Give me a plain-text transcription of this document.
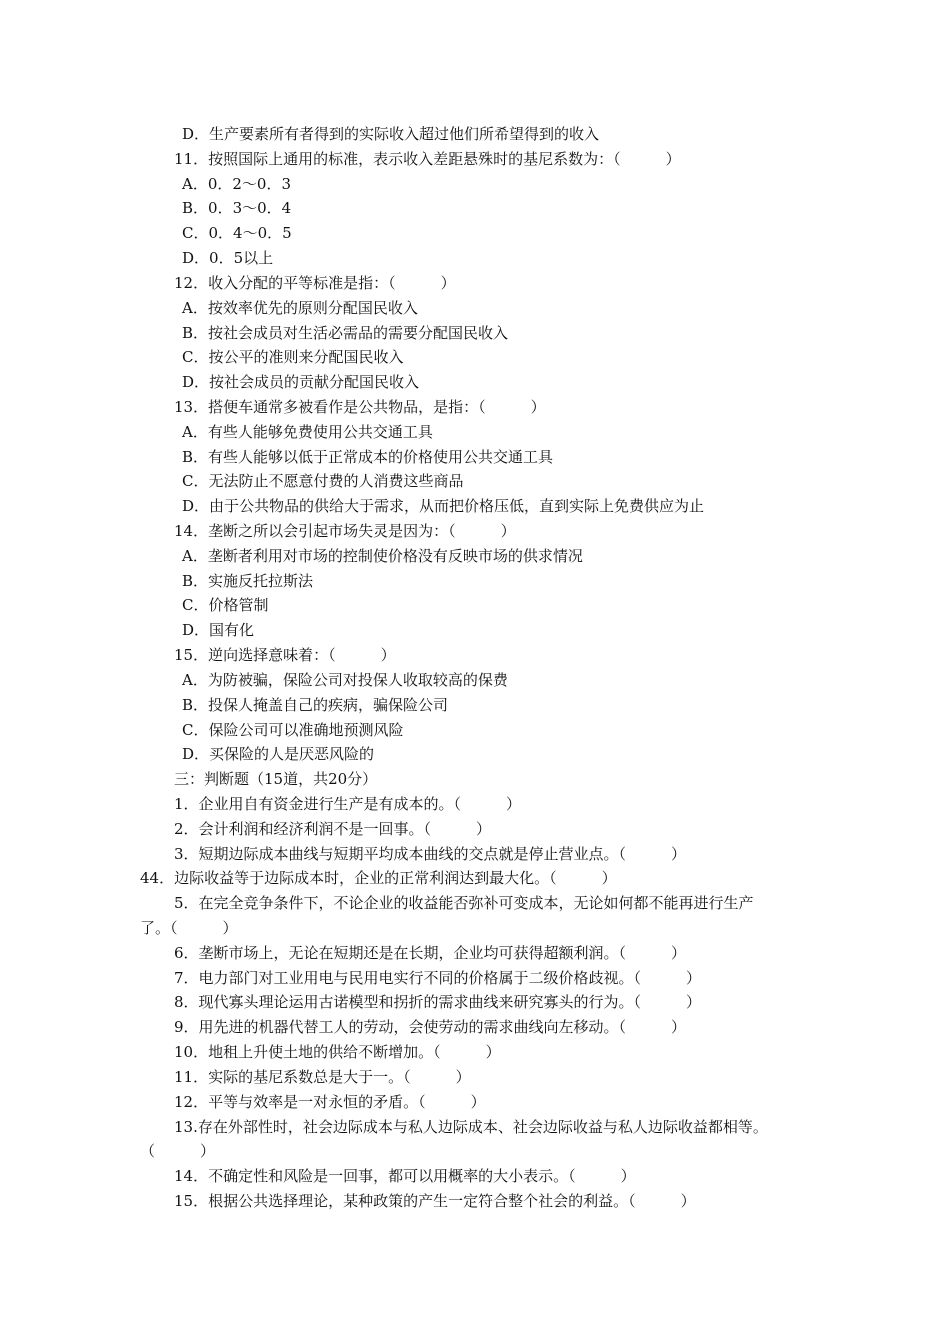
D．生产要素所有者得到的实际收入超过他们所希望得到的收入
11．按照国际上通用的标准，表示收入差距悬殊时的基尼系数为：（　　　）
A．0．2～0．3
B．0．3～0．4
C．0．4～0．5
D．0．5以上
12．收入分配的平等标准是指：（　　　）
A．按效率优先的原则分配国民收入
B．按社会成员对生活必需品的需要分配国民收入
C．按公平的准则来分配国民收入
D．按社会成员的贡献分配国民收入
13．搭便车通常多被看作是公共物品，是指：（　　　）
A．有些人能够免费使用公共交通工具
B．有些人能够以低于正常成本的价格使用公共交通工具
C．无法防止不愿意付费的人消费这些商品
D．由于公共物品的供给大于需求，从而把价格压低，直到实际上免费供应为止
14．垄断之所以会引起市场失灵是因为：（　　　）
A．垄断者利用对市场的控制使价格没有反映市场的供求情况
B．实施反托拉斯法
C．价格管制
D．国有化
15．逆向选择意味着：（　　　）
A．为防被骗，保险公司对投保人收取较高的保费
B．投保人掩盖自己的疾病，骗保险公司
C．保险公司可以准确地预测风险
D．买保险的人是厌恶风险的
三：判断题（15道，共20分）
1．企业用自有资金进行生产是有成本的。（　　　）
2．会计利润和经济利润不是一回事。（　　　）
3．短期边际成本曲线与短期平均成本曲线的交点就是停止营业点。（　　　）
44．边际收益等于边际成本时，企业的正常利润达到最大化。（　　　）
5．在完全竞争条件下，不论企业的收益能否弥补可变成本，无论如何都不能再进行生产
了。（　　　）
6．垄断市场上，无论在短期还是在长期，企业均可获得超额利润。（　　　）
7．电力部门对工业用电与民用电实行不同的价格属于二级价格歧视。（　　　）
8．现代寡头理论运用古诺模型和拐折的需求曲线来研究寡头的行为。（　　　）
9．用先进的机器代替工人的劳动，会使劳动的需求曲线向左移动。（　　　）
10．地租上升使土地的供给不断增加。（　　　）
11．实际的基尼系数总是大于一。（　　　）
12．平等与效率是一对永恒的矛盾。（　　　）
13.存在外部性时，社会边际成本与私人边际成本、社会边际收益与私人边际收益都相等。
（　　　）
14．不确定性和风险是一回事，都可以用概率的大小表示。（　　　）
15．根据公共选择理论，某种政策的产生一定符合整个社会的利益。（　　　）
